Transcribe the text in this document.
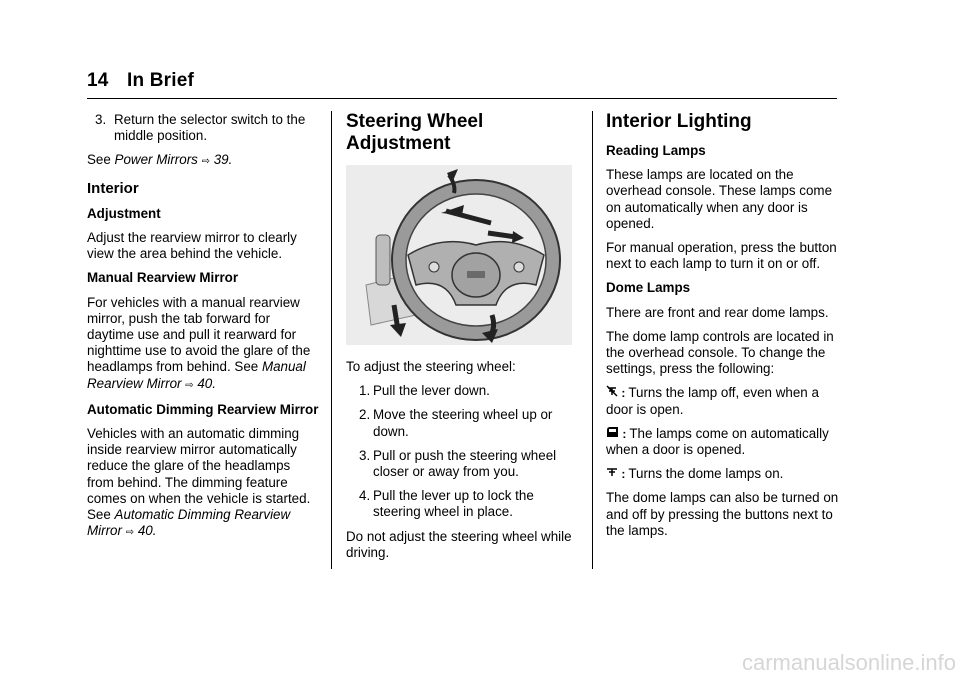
14 In Brief
3. Return the selector switch to the middle position.

See Power Mirrors ⇨ 39.

Interior
Adjustment

Adjust the rearview mirror to clearly view the area behind the vehicle.

Manual Rearview Mirror

For vehicles with a manual rearview mirror, push the tab forward for daytime use and pull it rearward for nighttime use to avoid the glare of the headlamps from behind. See Manual Rearview Mirror ⇨ 40.

Automatic Dimming Rearview Mirror

Vehicles with an automatic dimming inside rearview mirror automatically reduce the glare of the headlamps from behind. The dimming feature comes on when the vehicle is started. See Automatic Dimming Rearview Mirror ⇨ 40.

Steering Wheel Adjustment

To adjust the steering wheel:

1. Pull the lever down.
2. Move the steering wheel up or down.
3. Pull or push the steering wheel closer or away from you.
4. Pull the lever up to lock the steering wheel in place.

Do not adjust the steering wheel while driving.

Interior Lighting
Reading Lamps

These lamps are located on the overhead console. These lamps come on automatically when any door is opened.

For manual operation, press the button next to each lamp to turn it on or off.

Dome Lamps

There are front and rear dome lamps.

The dome lamp controls are located in the overhead console. To change the settings, press the following:

: Turns the lamp off, even when a door is open.

: The lamps come on automatically when a door is opened.

: Turns the dome lamps on.

The dome lamps can also be turned on and off by pressing the buttons next to the lamps.

carmanualsonline.info
